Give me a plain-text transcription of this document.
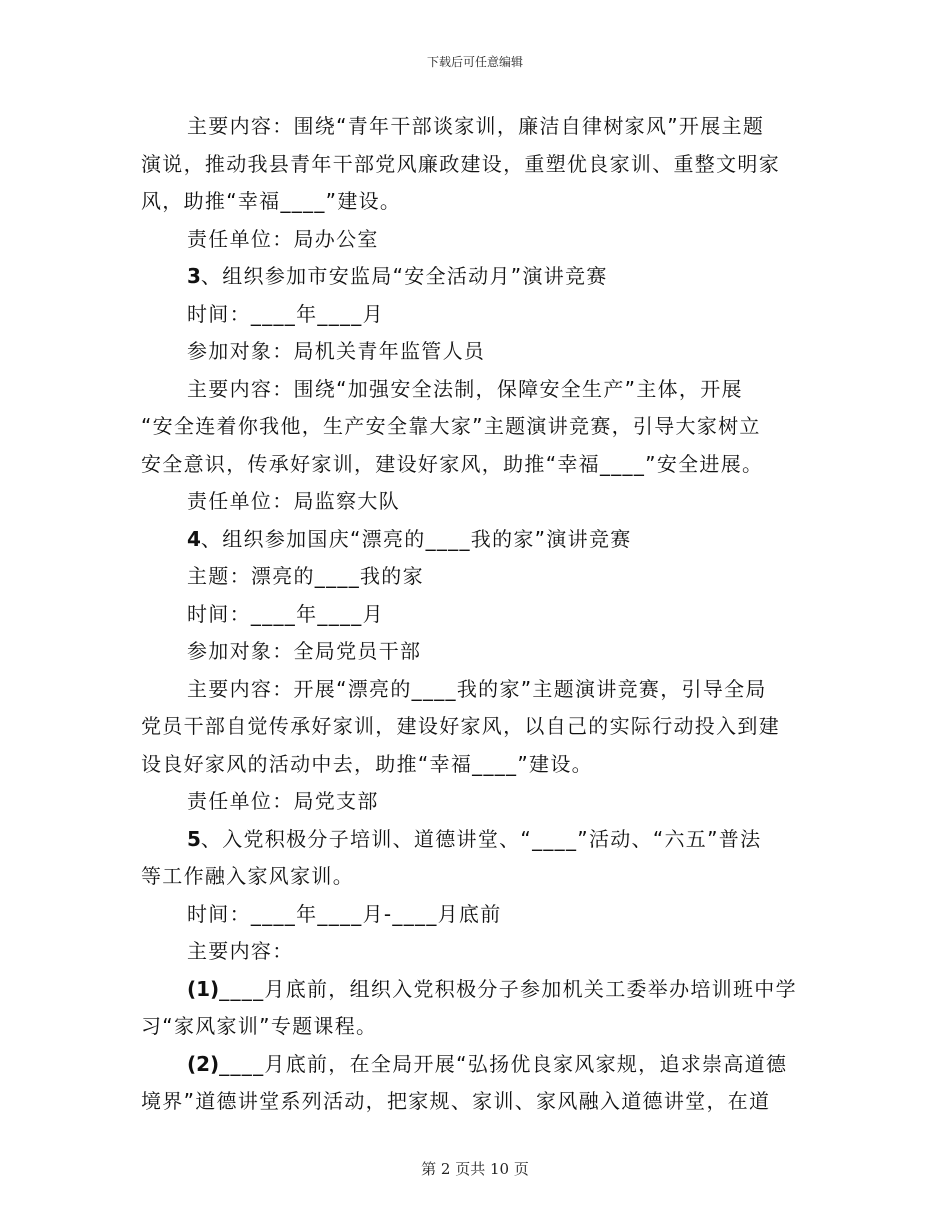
下载后可任意编辑
主要内容：围绕“青年干部谈家训，廉洁自律树家风”开展主题
演说，推动我县青年干部党风廉政建设，重塑优良家训、重整文明家
风，助推“幸福____”建设。
责任单位：局办公室
3、组织参加市安监局“安全活动月”演讲竞赛
时间：____年____月
参加对象：局机关青年监管人员
主要内容：围绕“加强安全法制，保障安全生产”主体，开展
“安全连着你我他，生产安全靠大家”主题演讲竞赛，引导大家树立
安全意识，传承好家训，建设好家风，助推“幸福____”安全进展。
责任单位：局监察大队
4、组织参加国庆“漂亮的____我的家”演讲竞赛
主题：漂亮的____我的家
时间：____年____月
参加对象：全局党员干部
主要内容：开展“漂亮的____我的家”主题演讲竞赛，引导全局
党员干部自觉传承好家训，建设好家风，以自己的实际行动投入到建
设良好家风的活动中去，助推“幸福____”建设。
责任单位：局党支部
5、入党积极分子培训、道德讲堂、“____”活动、“六五”普法
等工作融入家风家训。
时间：____年____月-____月底前
主要内容：
(1)____月底前，组织入党积极分子参加机关工委举办培训班中学
习“家风家训”专题课程。
(2)____月底前，在全局开展“弘扬优良家风家规，追求崇高道德
境界”道德讲堂系列活动，把家规、家训、家风融入道德讲堂，在道
第 2 页共 10 页
